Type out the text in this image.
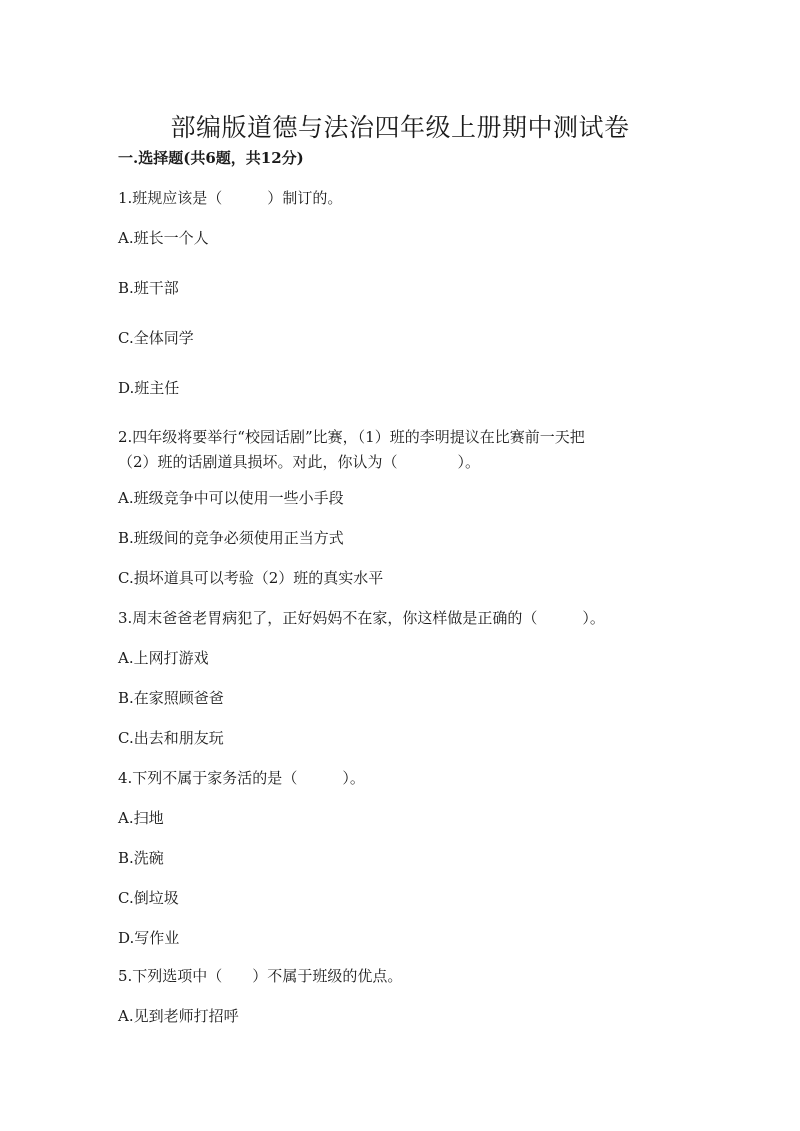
部编版道德与法治四年级上册期中测试卷
一.选择题(共6题，共12分)
1.班规应该是（　　　）制订的。
A.班长一个人
B.班干部
C.全体同学
D.班主任
2.四年级将要举行“校园话剧”比赛，（1）班的李明提议在比赛前一天把
（2）班的话剧道具损坏。对此，你认为（　　　　）。
A.班级竞争中可以使用一些小手段
B.班级间的竞争必须使用正当方式
C.损坏道具可以考验（2）班的真实水平
3.周末爸爸老胃病犯了，正好妈妈不在家，你这样做是正确的（　　　）。
A.上网打游戏
B.在家照顾爸爸
C.出去和朋友玩
4.下列不属于家务活的是（　　　）。
A.扫地
B.洗碗
C.倒垃圾
D.写作业
5.下列选项中（　　）不属于班级的优点。
A.见到老师打招呼
